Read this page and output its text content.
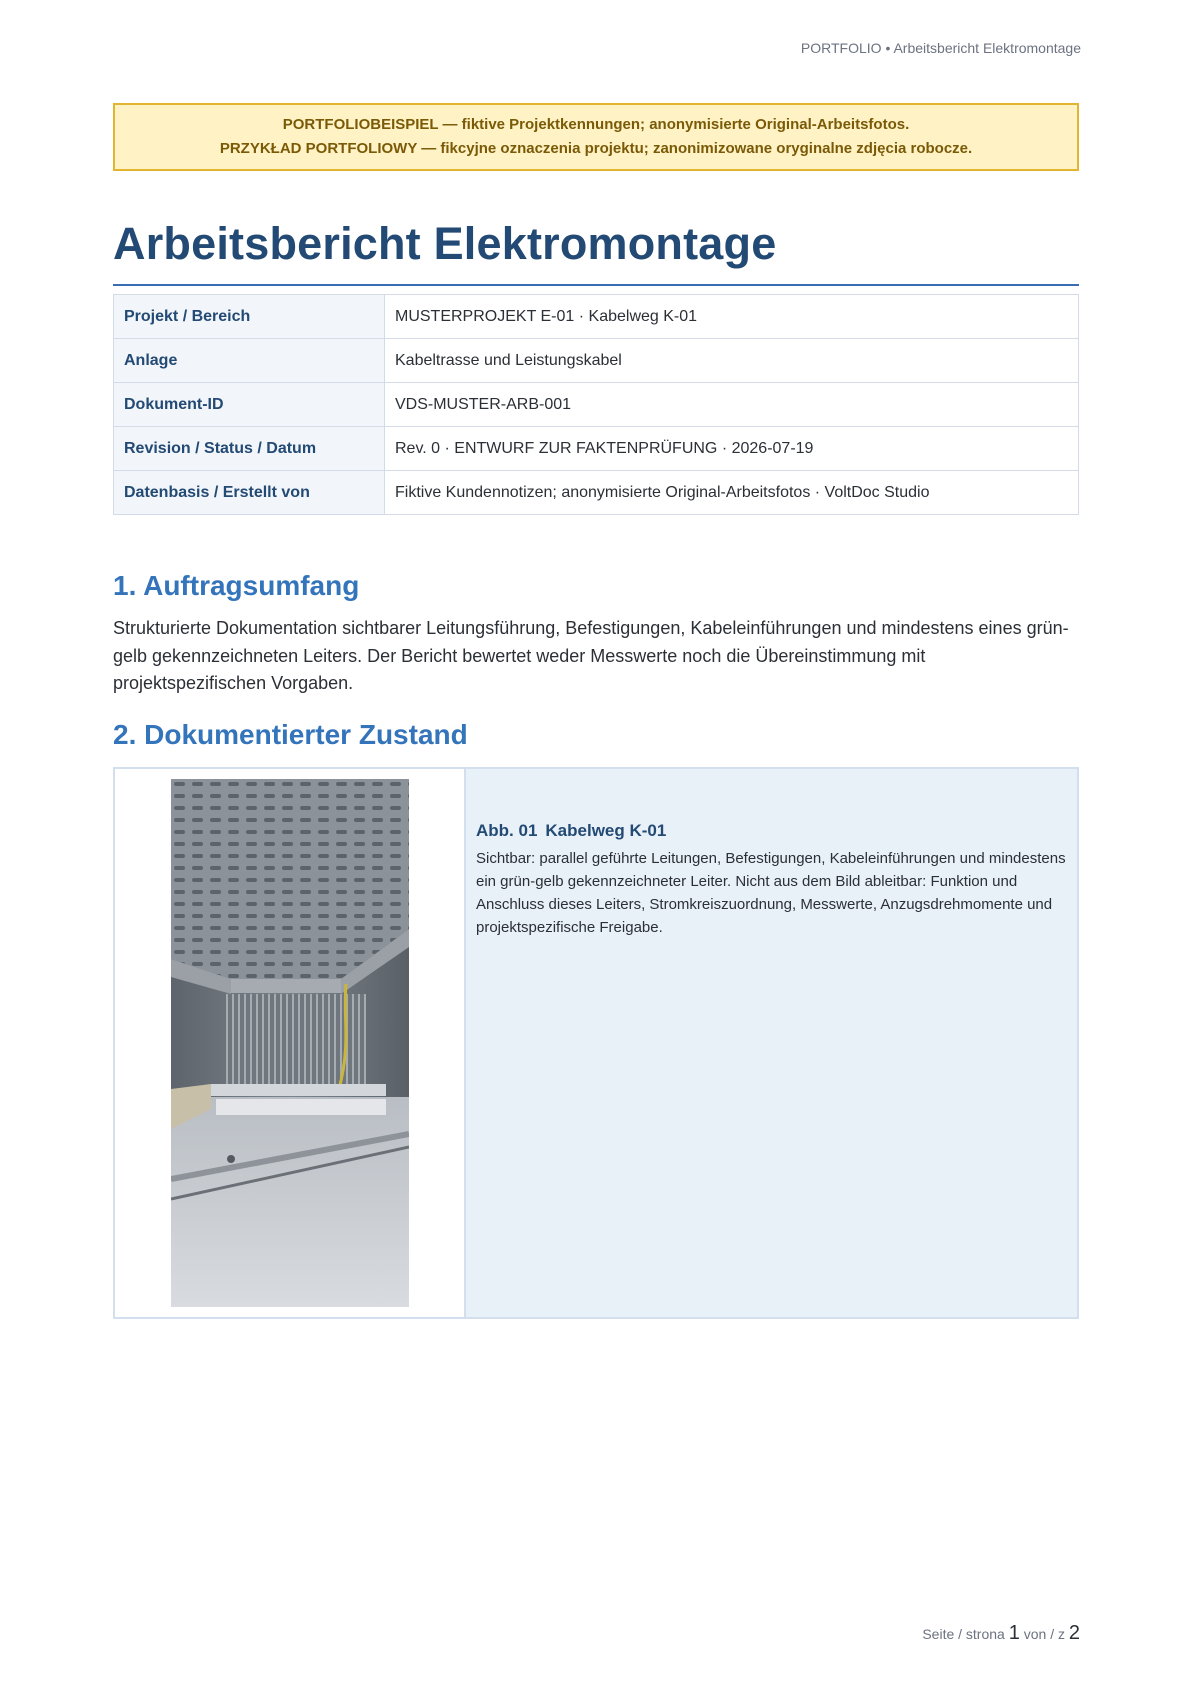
PORTFOLIO • Arbeitsbericht Elektromontage
PORTFOLIOBEISPIEL — fiktive Projektkennungen; anonymisierte Original-Arbeitsfotos.
PRZYKŁAD PORTFOLIOWY — fikcyjne oznaczenia projektu; zanonimizowane oryginalne zdjęcia robocze.
Arbeitsbericht Elektromontage
Projekt / Bereich	MUSTERPROJEKT E-01 · Kabelweg K-01
Anlage	Kabeltrasse und Leistungskabel
Dokument-ID	VDS-MUSTER-ARB-001
Revision / Status / Datum	Rev. 0 · ENTWURF ZUR FAKTENPRÜFUNG · 2026-07-19
Datenbasis / Erstellt von	Fiktive Kundennotizen; anonymisierte Original-Arbeitsfotos · VoltDoc Studio
1. Auftragsumfang

Strukturierte Dokumentation sichtbarer Leitungsführung, Befestigungen, Kabeleinführungen und mindestens eines grün-gelb gekennzeichneten Leiters. Der Bericht bewertet weder Messwerte noch die Übereinstimmung mit projektspezifischen Vorgaben.

2. Dokumentierter Zustand

Abb. 01 Kabelweg K-01

Sichtbar: parallel geführte Leitungen, Befestigungen, Kabeleinführungen und mindestens ein grün-gelb gekennzeichneter Leiter. Nicht aus dem Bild ableitbar: Funktion und Anschluss dieses Leiters, Stromkreiszuordnung, Messwerte, Anzugsdrehmomente und projektspezifische Freigabe.

Seite / strona 1 von / z 2
